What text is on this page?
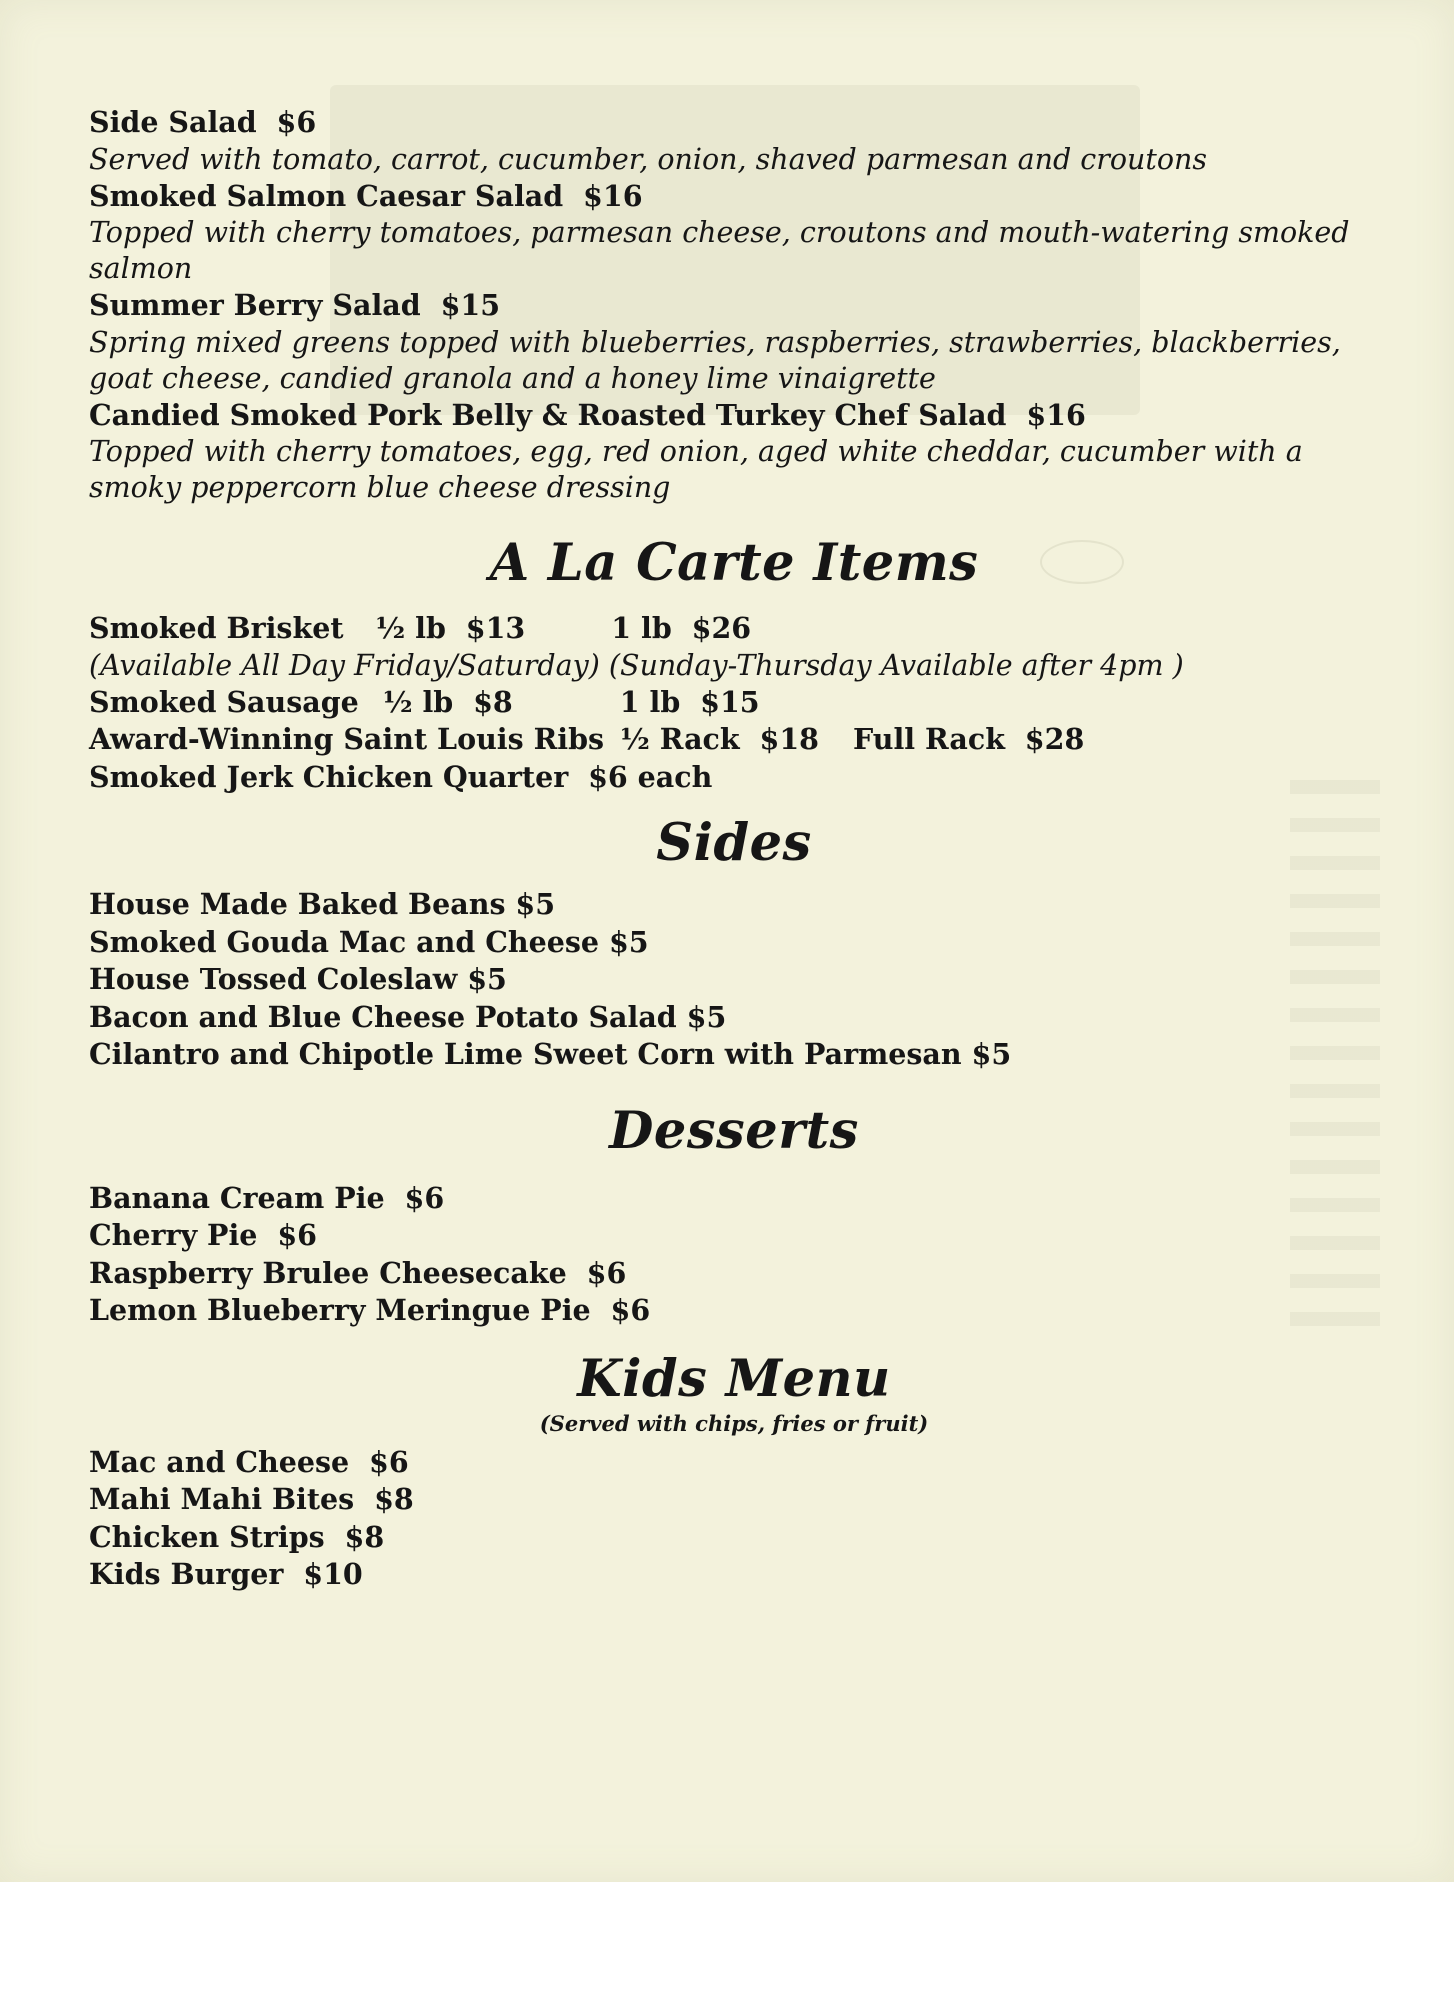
Side Salad $6
Served with tomato, carrot, cucumber, onion, shaved parmesan and croutons
Smoked Salmon Caesar Salad $16
Topped with cherry tomatoes, parmesan cheese, croutons and mouth-watering smoked salmon
Summer Berry Salad $15
Spring mixed greens topped with blueberries, raspberries, strawberries, blackberries, goat cheese, candied granola and a honey lime vinaigrette
Candied Smoked Pork Belly & Roasted Turkey Chef Salad $16
Topped with cherry tomatoes, egg, red onion, aged white cheddar, cucumber with a smoky peppercorn blue cheese dressing
A La Carte Items
Smoked Brisket ½ lb $13	1 lb $26
(Available All Day Friday/Saturday) (Sunday-Thursday Available after 4pm )
Smoked Sausage ½ lb $8	1 lb $15
Award-Winning Saint Louis Ribs ½ Rack $18 Full Rack $28
Smoked Jerk Chicken Quarter $6 each
Sides
House Made Baked Beans $5
Smoked Gouda Mac and Cheese $5
House Tossed Coleslaw $5
Bacon and Blue Cheese Potato Salad $5
Cilantro and Chipotle Lime Sweet Corn with Parmesan $5
Desserts
Banana Cream Pie $6
Cherry Pie $6
Raspberry Brulee Cheesecake $6
Lemon Blueberry Meringue Pie $6
Kids Menu
(Served with chips, fries or fruit)
Mac and Cheese $6
Mahi Mahi Bites $8
Chicken Strips $8
Kids Burger $10
